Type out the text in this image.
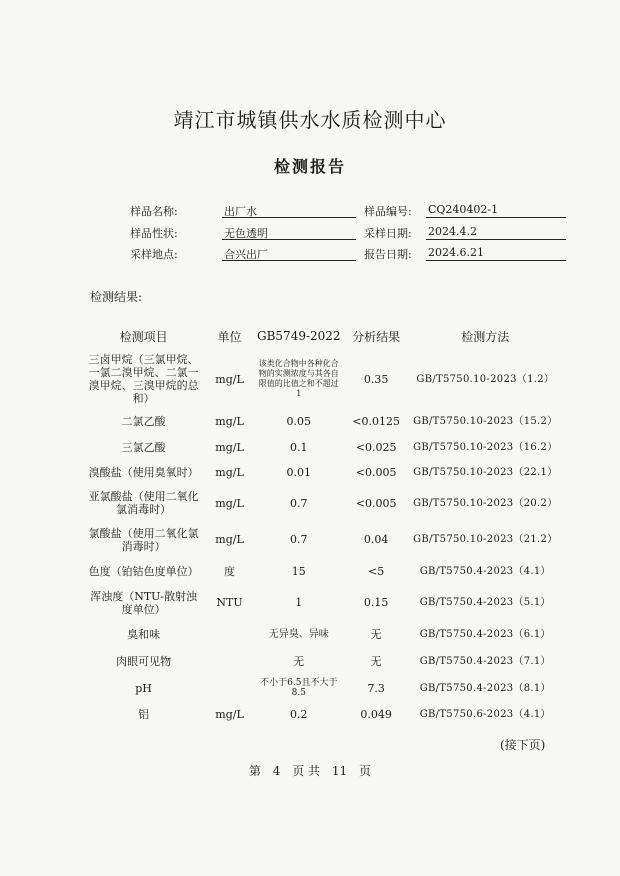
靖江市城镇供水水质检测中心
检测报告
样品名称:	出厂水	样品编号: CQ240402-1
样品性状:	无色透明	采样日期: 2024.4.2
采样地点:	合兴出厂	报告日期: 2024.6.21
检测结果:
检测项目	单位	GB5749-2022	分析结果	检测方法
三卤甲烷（三氯甲烷、一氯二溴甲烷、二氯一溴甲烷、三溴甲烷的总和）	mg/L	该类化合物中各种化合物的实测浓度与其各自限值的比值之和不超过1	0.35	GB/T5750.10-2023（1.2）
二氯乙酸	mg/L	0.05	<0.0125	GB/T5750.10-2023（15.2）
三氯乙酸	mg/L	0.1	<0.025	GB/T5750.10-2023（16.2）
溴酸盐（使用臭氧时）	mg/L	0.01	<0.005	GB/T5750.10-2023（22.1）
亚氯酸盐（使用二氧化氯消毒时）	mg/L	0.7	<0.005	GB/T5750.10-2023（20.2）
氯酸盐（使用二氧化氯消毒时）	mg/L	0.7	0.04	GB/T5750.10-2023（21.2）
色度（铂钴色度单位）	度	15	<5	GB/T5750.4-2023（4.1）
浑浊度（NTU-散射浊度单位）	NTU	1	0.15	GB/T5750.4-2023（5.1）
臭和味		无异臭、异味	无	GB/T5750.4-2023（6.1）
肉眼可见物		无	无	GB/T5750.4-2023（7.1）
pH		不小于6.5且不大于8.5	7.3	GB/T5750.4-2023（8.1）
铝	mg/L	0.2	0.049	GB/T5750.6-2023（4.1）
(接下页)
第 4 页 共 11 页
